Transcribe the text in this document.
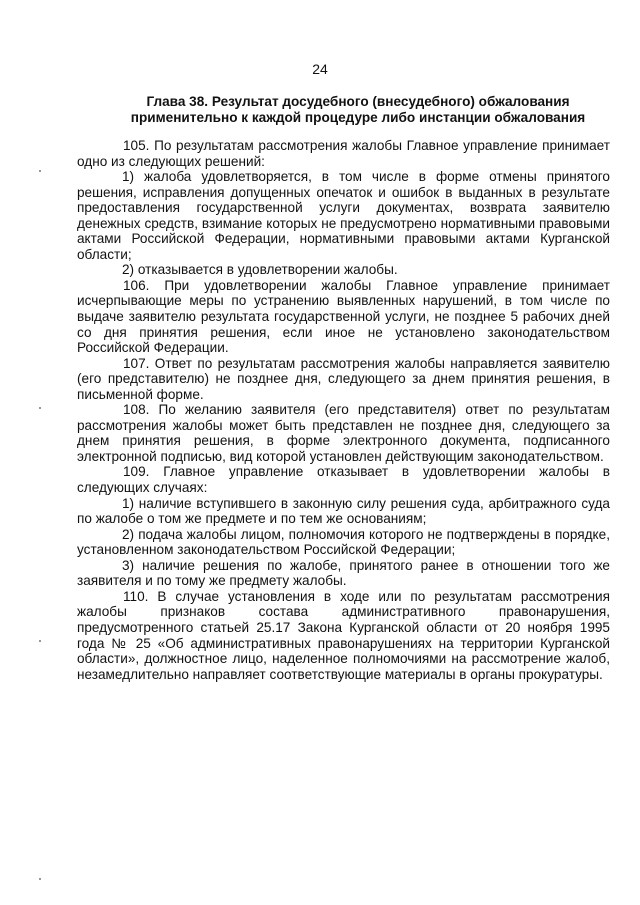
24
Глава 38. Результат досудебного (внесудебного) обжалования
применительно к каждой процедуре либо инстанции обжалования

105. По результатам рассмотрения жалобы Главное управление принимает одно из следующих решений:

1) жалоба удовлетворяется, в том числе в форме отмены принятого решения, исправления допущенных опечаток и ошибок в выданных в результате предоставления государственной услуги документах, возврата заявителю денежных средств, взимание которых не предусмотрено нормативными правовыми актами Российской Федерации, нормативными правовыми актами Курганской области;

2) отказывается в удовлетворении жалобы.

106. При удовлетворении жалобы Главное управление принимает исчерпывающие меры по устранению выявленных нарушений, в том числе по выдаче заявителю результата государственной услуги, не позднее 5 рабочих дней со дня принятия решения, если иное не установлено законодательством Российской Федерации.

107. Ответ по результатам рассмотрения жалобы направляется заявителю (его представителю) не позднее дня, следующего за днем принятия решения, в письменной форме.

108. По желанию заявителя (его представителя) ответ по результатам рассмотрения жалобы может быть представлен не позднее дня, следующего за днем принятия решения, в форме электронного документа, подписанного электронной подписью, вид которой установлен действующим законодательством.

109. Главное управление отказывает в удовлетворении жалобы в следующих случаях:

1) наличие вступившего в законную силу решения суда, арбитражного суда по жалобе о том же предмете и по тем же основаниям;

2) подача жалобы лицом, полномочия которого не подтверждены в порядке, установленном законодательством Российской Федерации;

3) наличие решения по жалобе, принятого ранее в отношении того же заявителя и по тому же предмету жалобы.

110. В случае установления в ходе или по результатам рассмотрения жалобы признаков состава административного правонарушения, предусмотренного статьей 25.17 Закона Курганской области от 20 ноября 1995 года № 25 «Об административных правонарушениях на территории Курганской области», должностное лицо, наделенное полномочиями на рассмотрение жалоб, незамедлительно направляет соответствующие материалы в органы прокуратуры.
